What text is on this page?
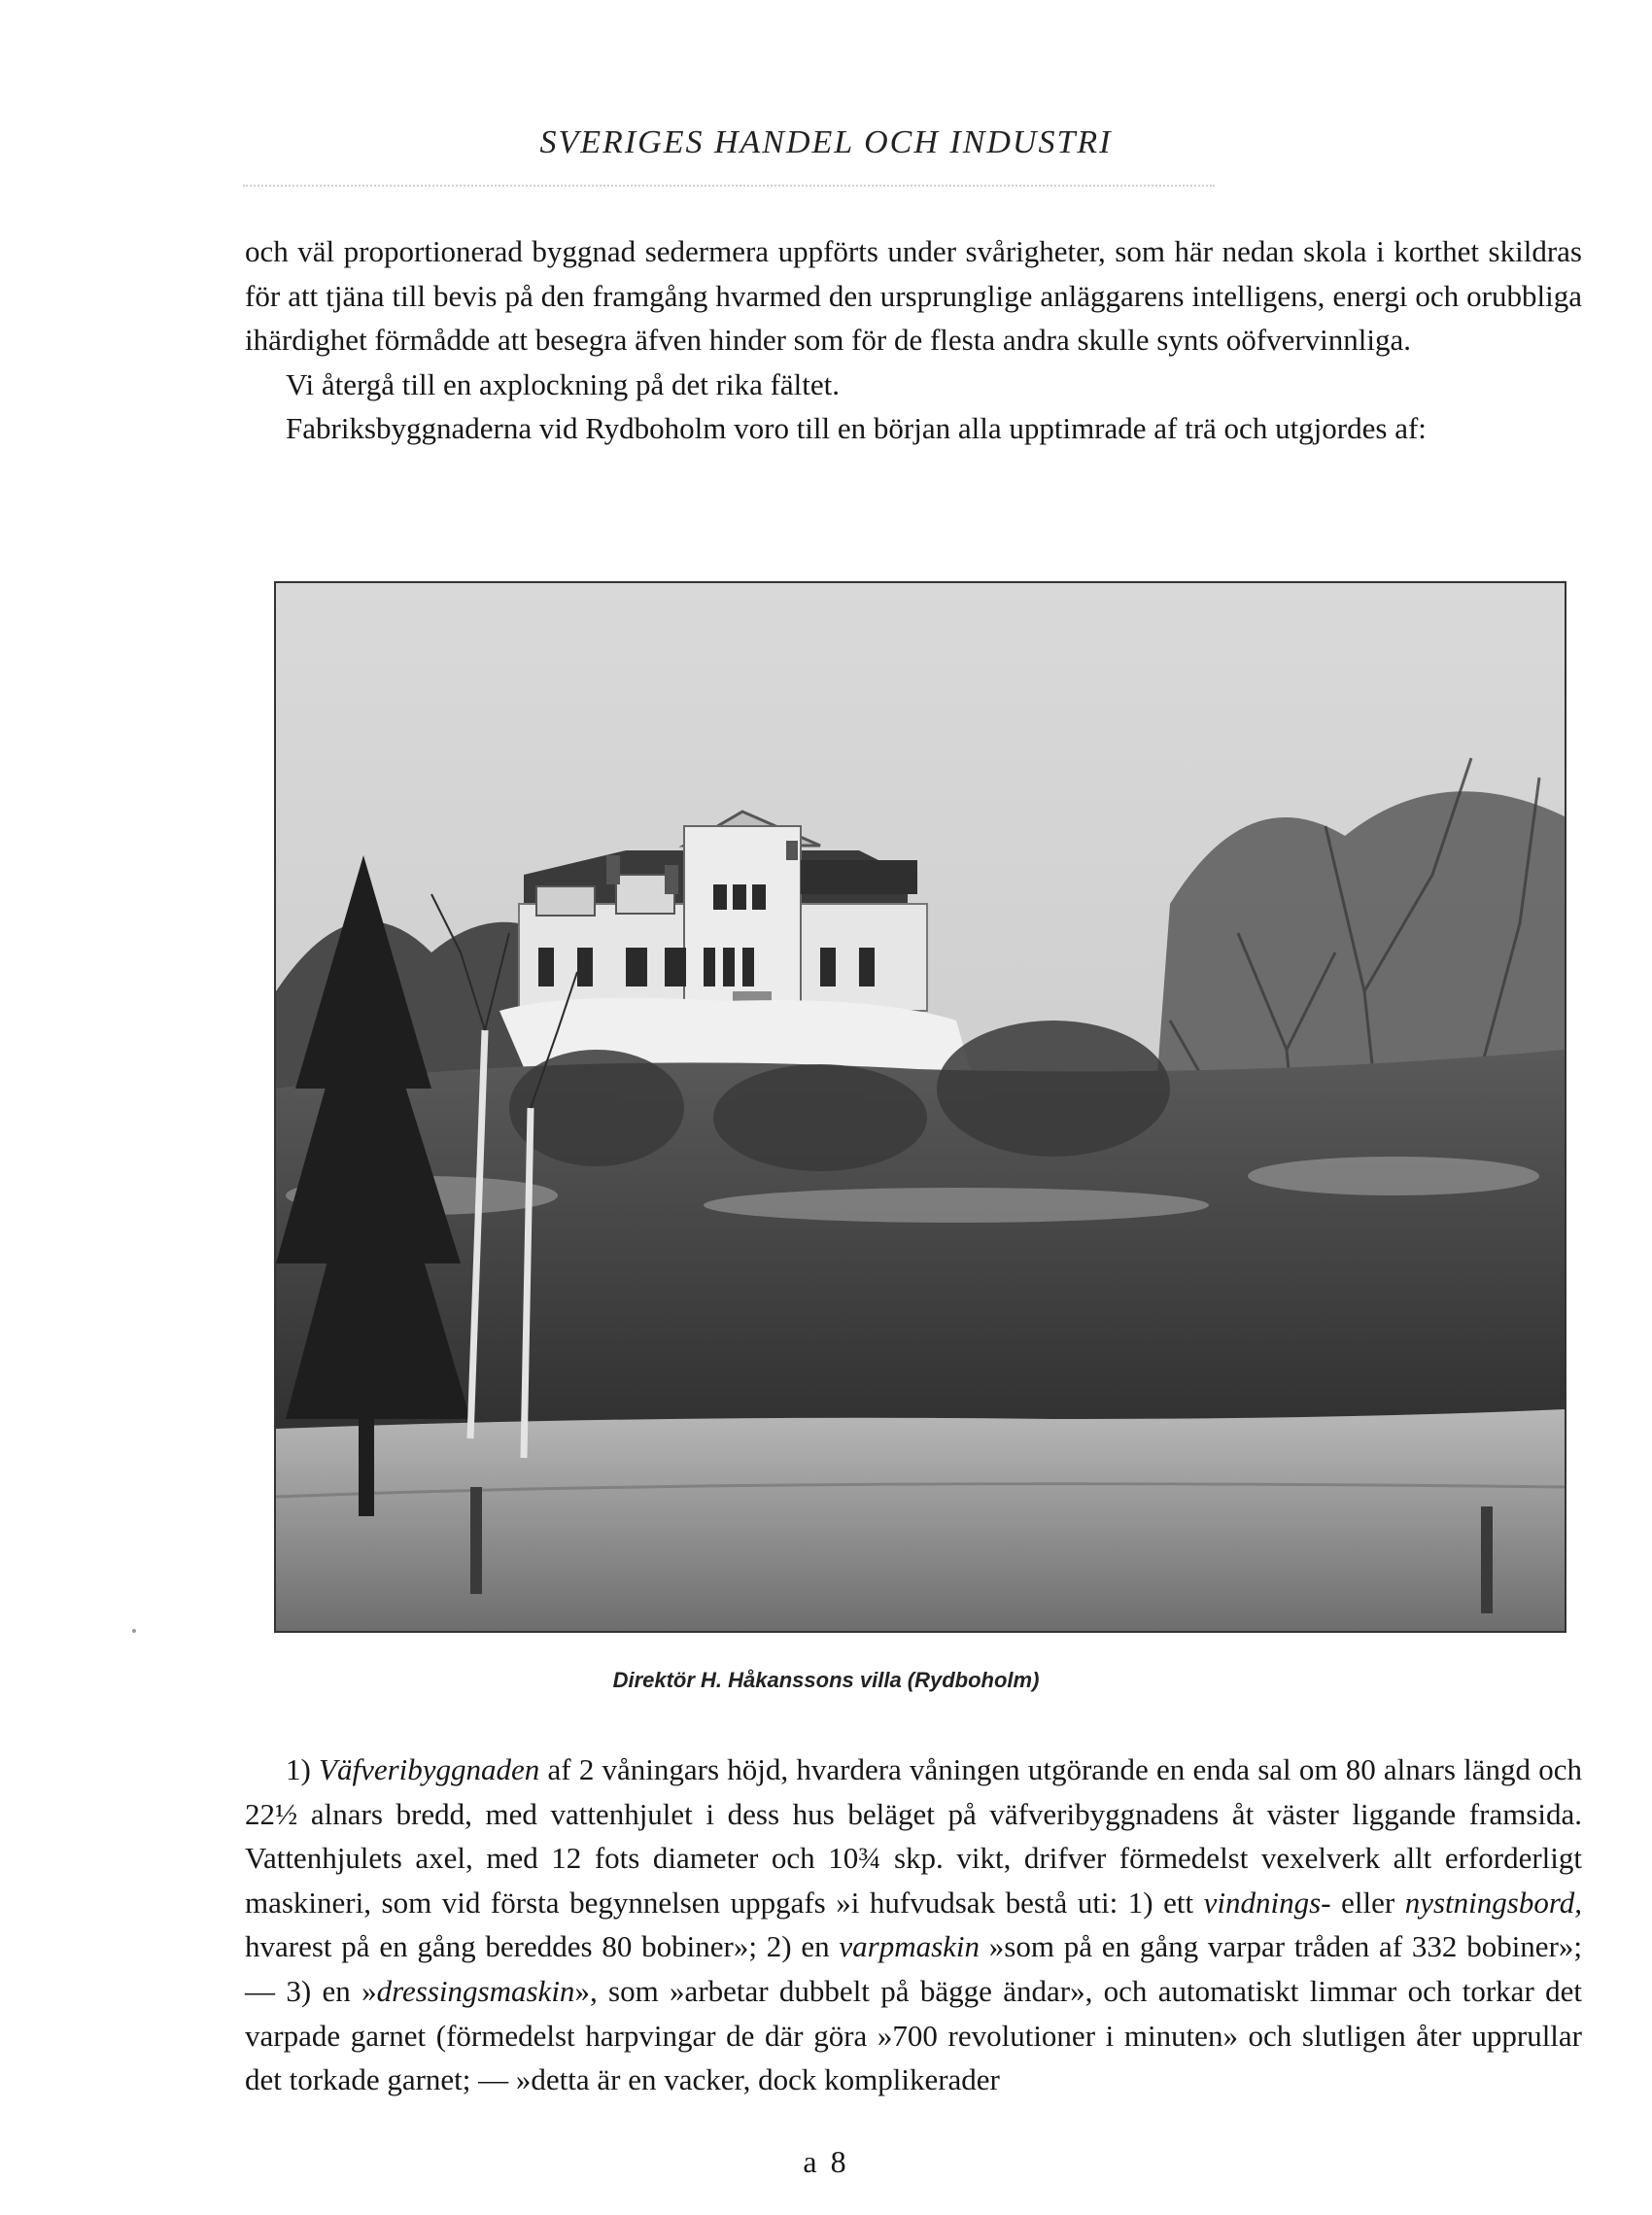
SVERIGES HANDEL OCH INDUSTRI

och väl proportionerad byggnad sedermera uppförts under svårigheter, som här nedan skola i korthet skildras för att tjäna till bevis på den framgång hvarmed den ursprunglige anläggarens intelligens, energi och orubbliga ihärdighet förmådde att besegra äfven hinder som för de flesta andra skulle synts oöfvervinnliga.

Vi återgå till en axplockning på det rika fältet.

Fabriksbyggnaderna vid Rydboholm voro till en början alla upptimrade af trä och utgjordes af:

Direktör H. Håkanssons villa (Rydboholm)

1) Väfveribyggnaden af 2 våningars höjd, hvardera våningen utgörande en enda sal om 80 alnars längd och 22½ alnars bredd, med vattenhjulet i dess hus beläget på väfveribyggnadens åt väster liggande framsida. Vattenhjulets axel, med 12 fots diameter och 10¾ skp. vikt, drifver förmedelst vexelverk allt erforderligt maskineri, som vid första begynnelsen uppgafs »i hufvudsak bestå uti: 1) ett vindnings- eller nystningsbord, hvarest på en gång bereddes 80 bobiner»; 2) en varpmaskin »som på en gång varpar tråden af 332 bobiner»; — 3) en »dressingsmaskin», som »arbetar dubbelt på bägge ändar», och automatiskt limmar och torkar det varpade garnet (förmedelst harpvingar de där göra »700 revolutioner i minuten» och slutligen åter upprullar det torkade garnet; — »detta är en vacker, dock komplikerader

a 8
